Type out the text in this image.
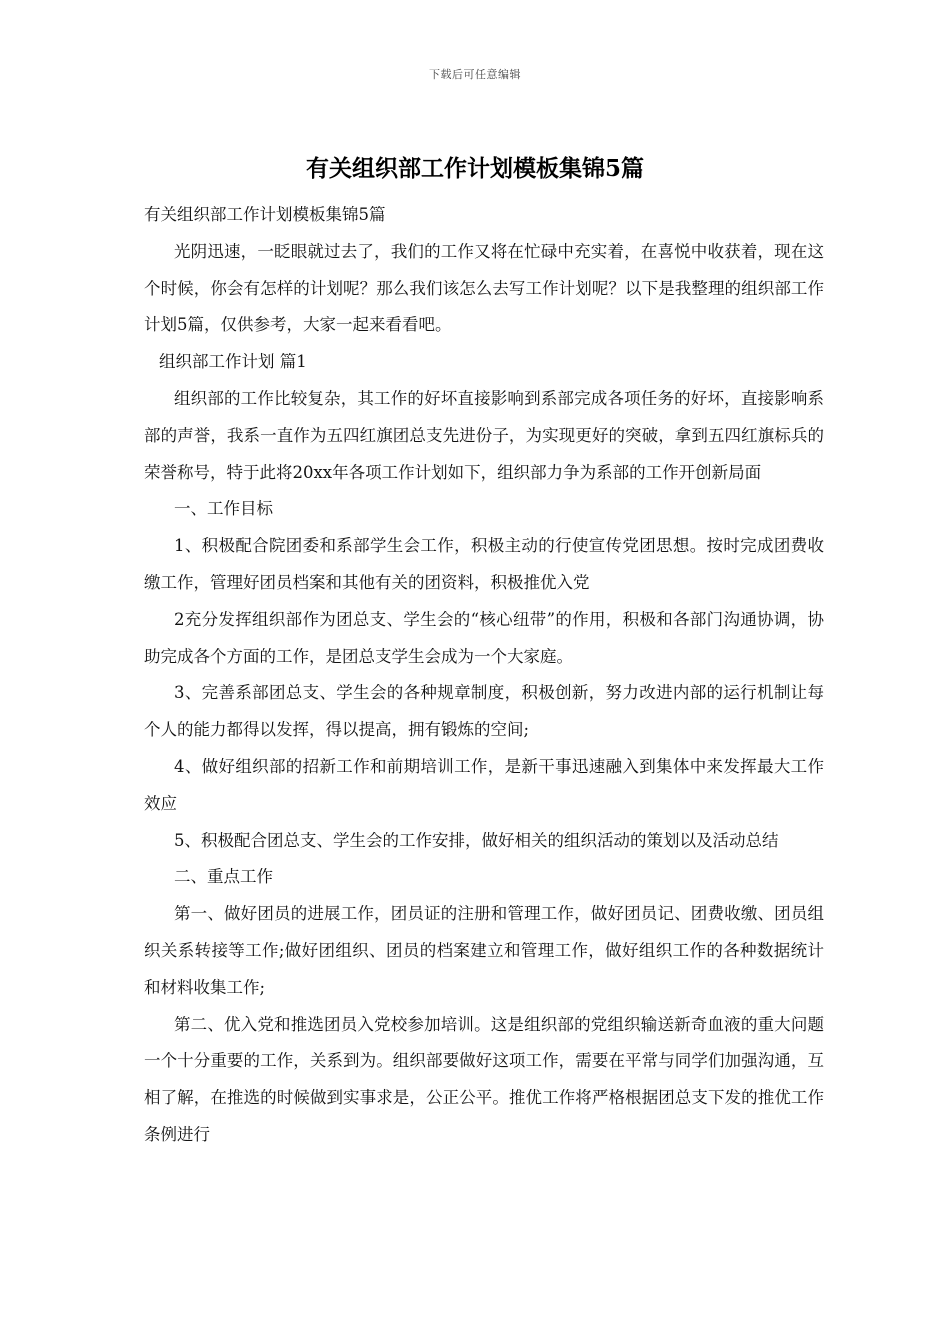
下载后可任意编辑
有关组织部工作计划模板集锦5篇

有关组织部工作计划模板集锦5篇

光阴迅速，一眨眼就过去了，我们的工作又将在忙碌中充实着，在喜悦中收获着，现在这个时候，你会有怎样的计划呢？那么我们该怎么去写工作计划呢？以下是我整理的组织部工作计划5篇，仅供参考，大家一起来看看吧。

组织部工作计划 篇1

组织部的工作比较复杂，其工作的好坏直接影响到系部完成各项任务的好坏，直接影响系部的声誉，我系一直作为五四红旗团总支先进份子，为实现更好的突破，拿到五四红旗标兵的荣誉称号，特于此将20xx年各项工作计划如下，组织部力争为系部的工作开创新局面

一、工作目标

1、积极配合院团委和系部学生会工作，积极主动的行使宣传党团思想。按时完成团费收缴工作，管理好团员档案和其他有关的团资料，积极推优入党

2充分发挥组织部作为团总支、学生会的“核心纽带”的作用，积极和各部门沟通协调，协助完成各个方面的工作，是团总支学生会成为一个大家庭。

3、完善系部团总支、学生会的各种规章制度，积极创新，努力改进内部的运行机制让每个人的能力都得以发挥，得以提高，拥有锻炼的空间;

4、做好组织部的招新工作和前期培训工作，是新干事迅速融入到集体中来发挥最大工作效应

5、积极配合团总支、学生会的工作安排，做好相关的组织活动的策划以及活动总结

二、重点工作

第一、做好团员的进展工作，团员证的注册和管理工作，做好团员记、团费收缴、团员组织关系转接等工作;做好团组织、团员的档案建立和管理工作，做好组织工作的各种数据统计和材料收集工作;

第二、优入党和推选团员入党校参加培训。这是组织部的党组织输送新奇血液的重大问题一个十分重要的工作，关系到为。组织部要做好这项工作，需要在平常与同学们加强沟通，互相了解，在推选的时候做到实事求是，公正公平。推优工作将严格根据团总支下发的推优工作条例进行
